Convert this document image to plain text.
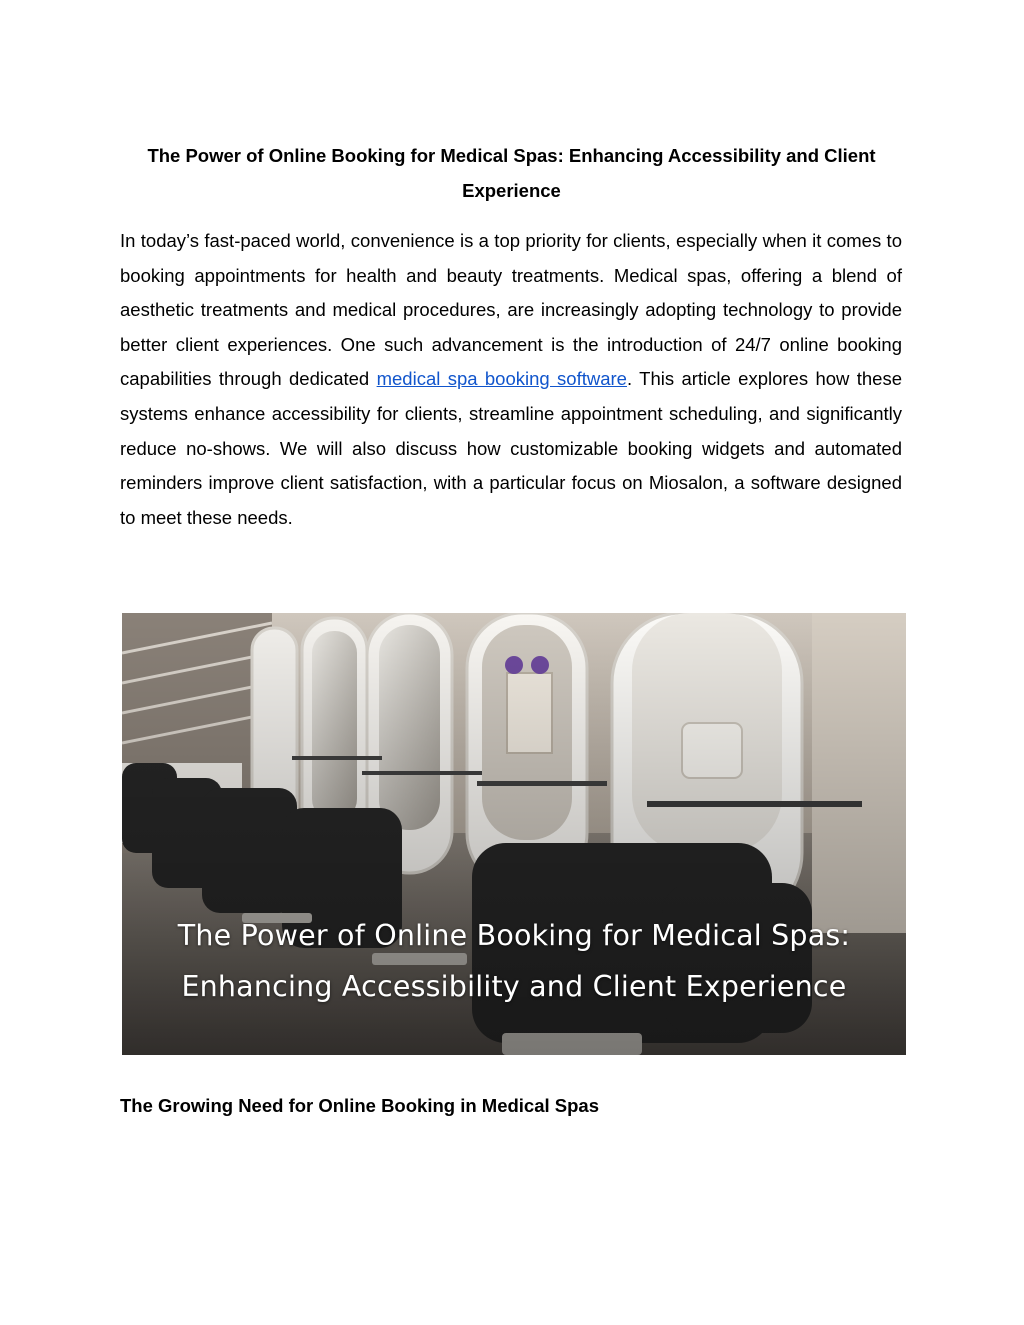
The Power of Online Booking for Medical Spas: Enhancing Accessibility and Client Experience

In today’s fast-paced world, convenience is a top priority for clients, especially when it comes to booking appointments for health and beauty treatments. Medical spas, offering a blend of aesthetic treatments and medical procedures, are increasingly adopting technology to provide better client experiences. One such advancement is the introduction of 24/7 online booking capabilities through dedicated medical spa booking software. This article explores how these systems enhance accessibility for clients, streamline appointment scheduling, and significantly reduce no-shows. We will also discuss how customizable booking widgets and automated reminders improve client satisfaction, with a particular focus on Miosalon, a software designed to meet these needs.

The Power of Online Booking for Medical Spas:
Enhancing Accessibility and Client Experience
The Growing Need for Online Booking in Medical Spas
